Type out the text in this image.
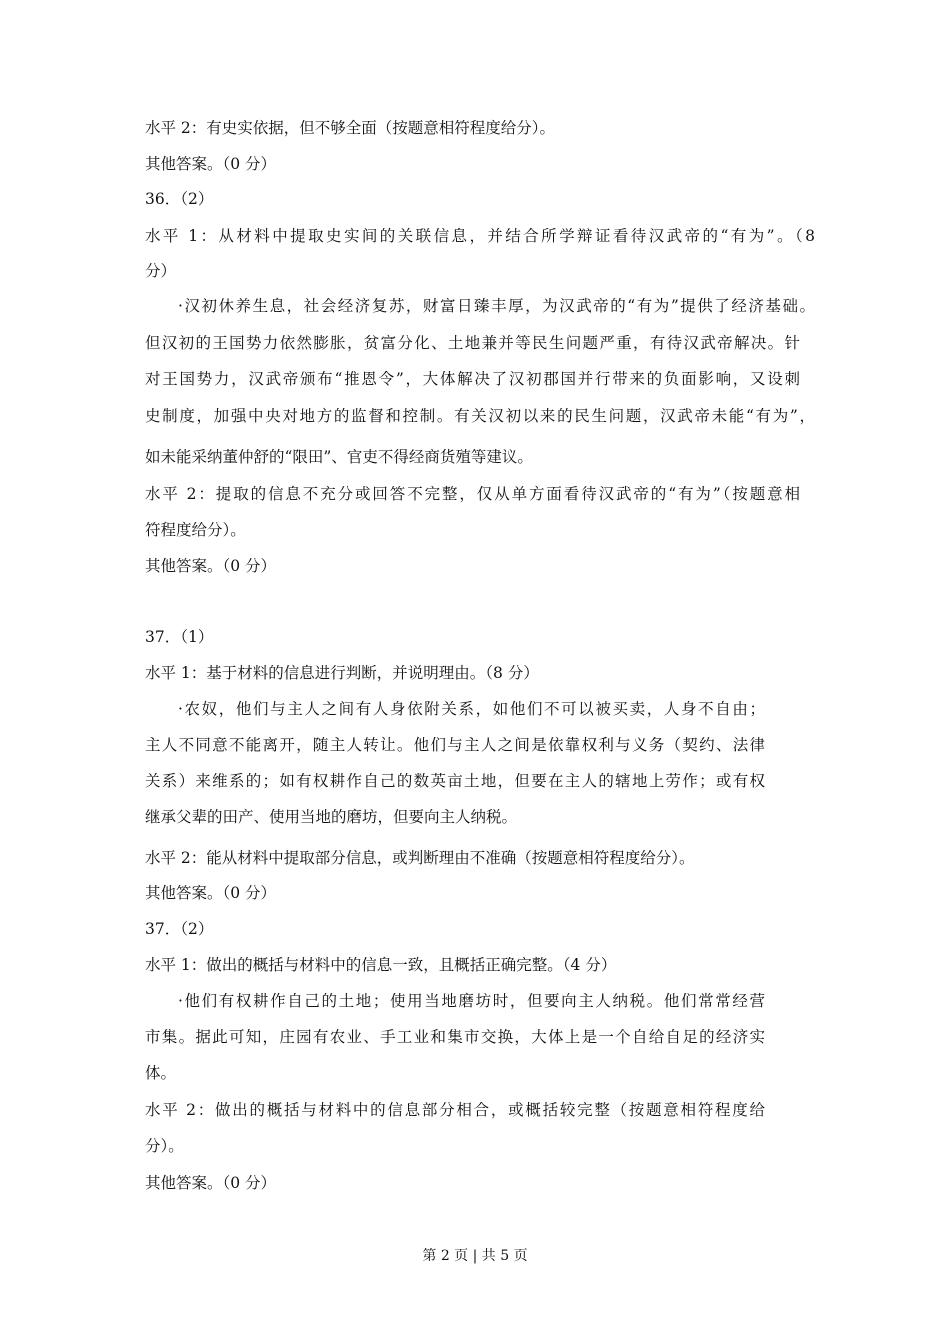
水平 2：有史实依据，但不够全面（按题意相符程度给分）。
其他答案。（0 分）
36．（2）
水平 1：从材料中提取史实间的关联信息，并结合所学辩证看待汉武帝的“有为”。（8
分）
·汉初休养生息，社会经济复苏，财富日臻丰厚，为汉武帝的“有为”提供了经济基础。
但汉初的王国势力依然膨胀，贫富分化、土地兼并等民生问题严重，有待汉武帝解决。针
对王国势力，汉武帝颁布“推恩令”，大体解决了汉初郡国并行带来的负面影响，又设刺
史制度，加强中央对地方的监督和控制。有关汉初以来的民生问题，汉武帝未能“有为”，
如未能采纳董仲舒的“限田”、官吏不得经商货殖等建议。
水平 2：提取的信息不充分或回答不完整，仅从单方面看待汉武帝的“有为”（按题意相
符程度给分）。
其他答案。（0 分）
37．（1）
水平 1：基于材料的信息进行判断，并说明理由。（8 分）
·农奴，他们与主人之间有人身依附关系，如他们不可以被买卖，人身不自由；
主人不同意不能离开，随主人转让。他们与主人之间是依靠权利与义务（契约、法律
关系）来维系的；如有权耕作自己的数英亩土地，但要在主人的辖地上劳作；或有权
继承父辈的田产、使用当地的磨坊，但要向主人纳税。
水平 2：能从材料中提取部分信息，或判断理由不准确（按题意相符程度给分）。
其他答案。（0 分）
37．（2）
水平 1：做出的概括与材料中的信息一致，且概括正确完整。（4 分）
·他们有权耕作自己的土地；使用当地磨坊时，但要向主人纳税。他们常常经营
市集。据此可知，庄园有农业、手工业和集市交换，大体上是一个自给自足的经济实
体。
水平 2：做出的概括与材料中的信息部分相合，或概括较完整（按题意相符程度给
分）。
其他答案。（0 分）
第 2 页 | 共 5 页
